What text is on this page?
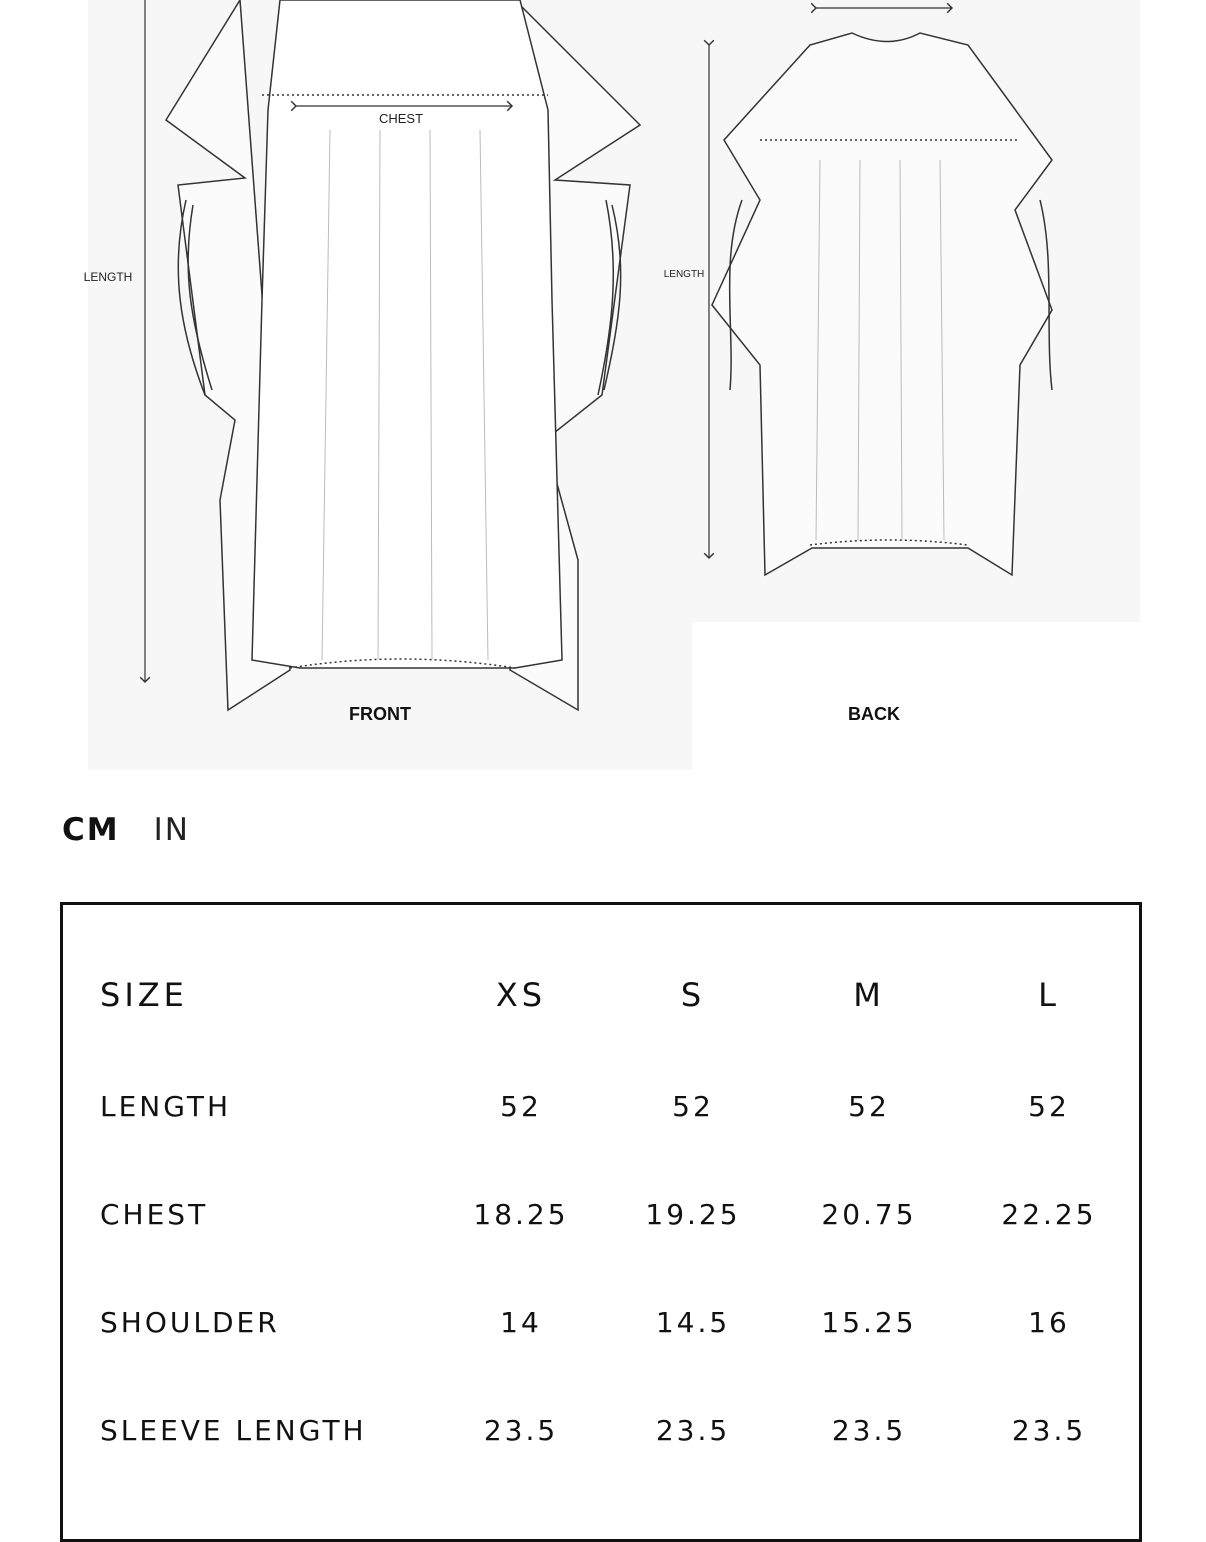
CHEST
LENGTH
FRONT
LENGTH
BACK
CM IN
SIZE	XS	S	M	L
LENGTH	52	52	52	52
CHEST	18.25	19.25	20.75	22.25
SHOULDER	14	14.5	15.25	16
SLEEVE LENGTH	23.5	23.5	23.5	23.5
